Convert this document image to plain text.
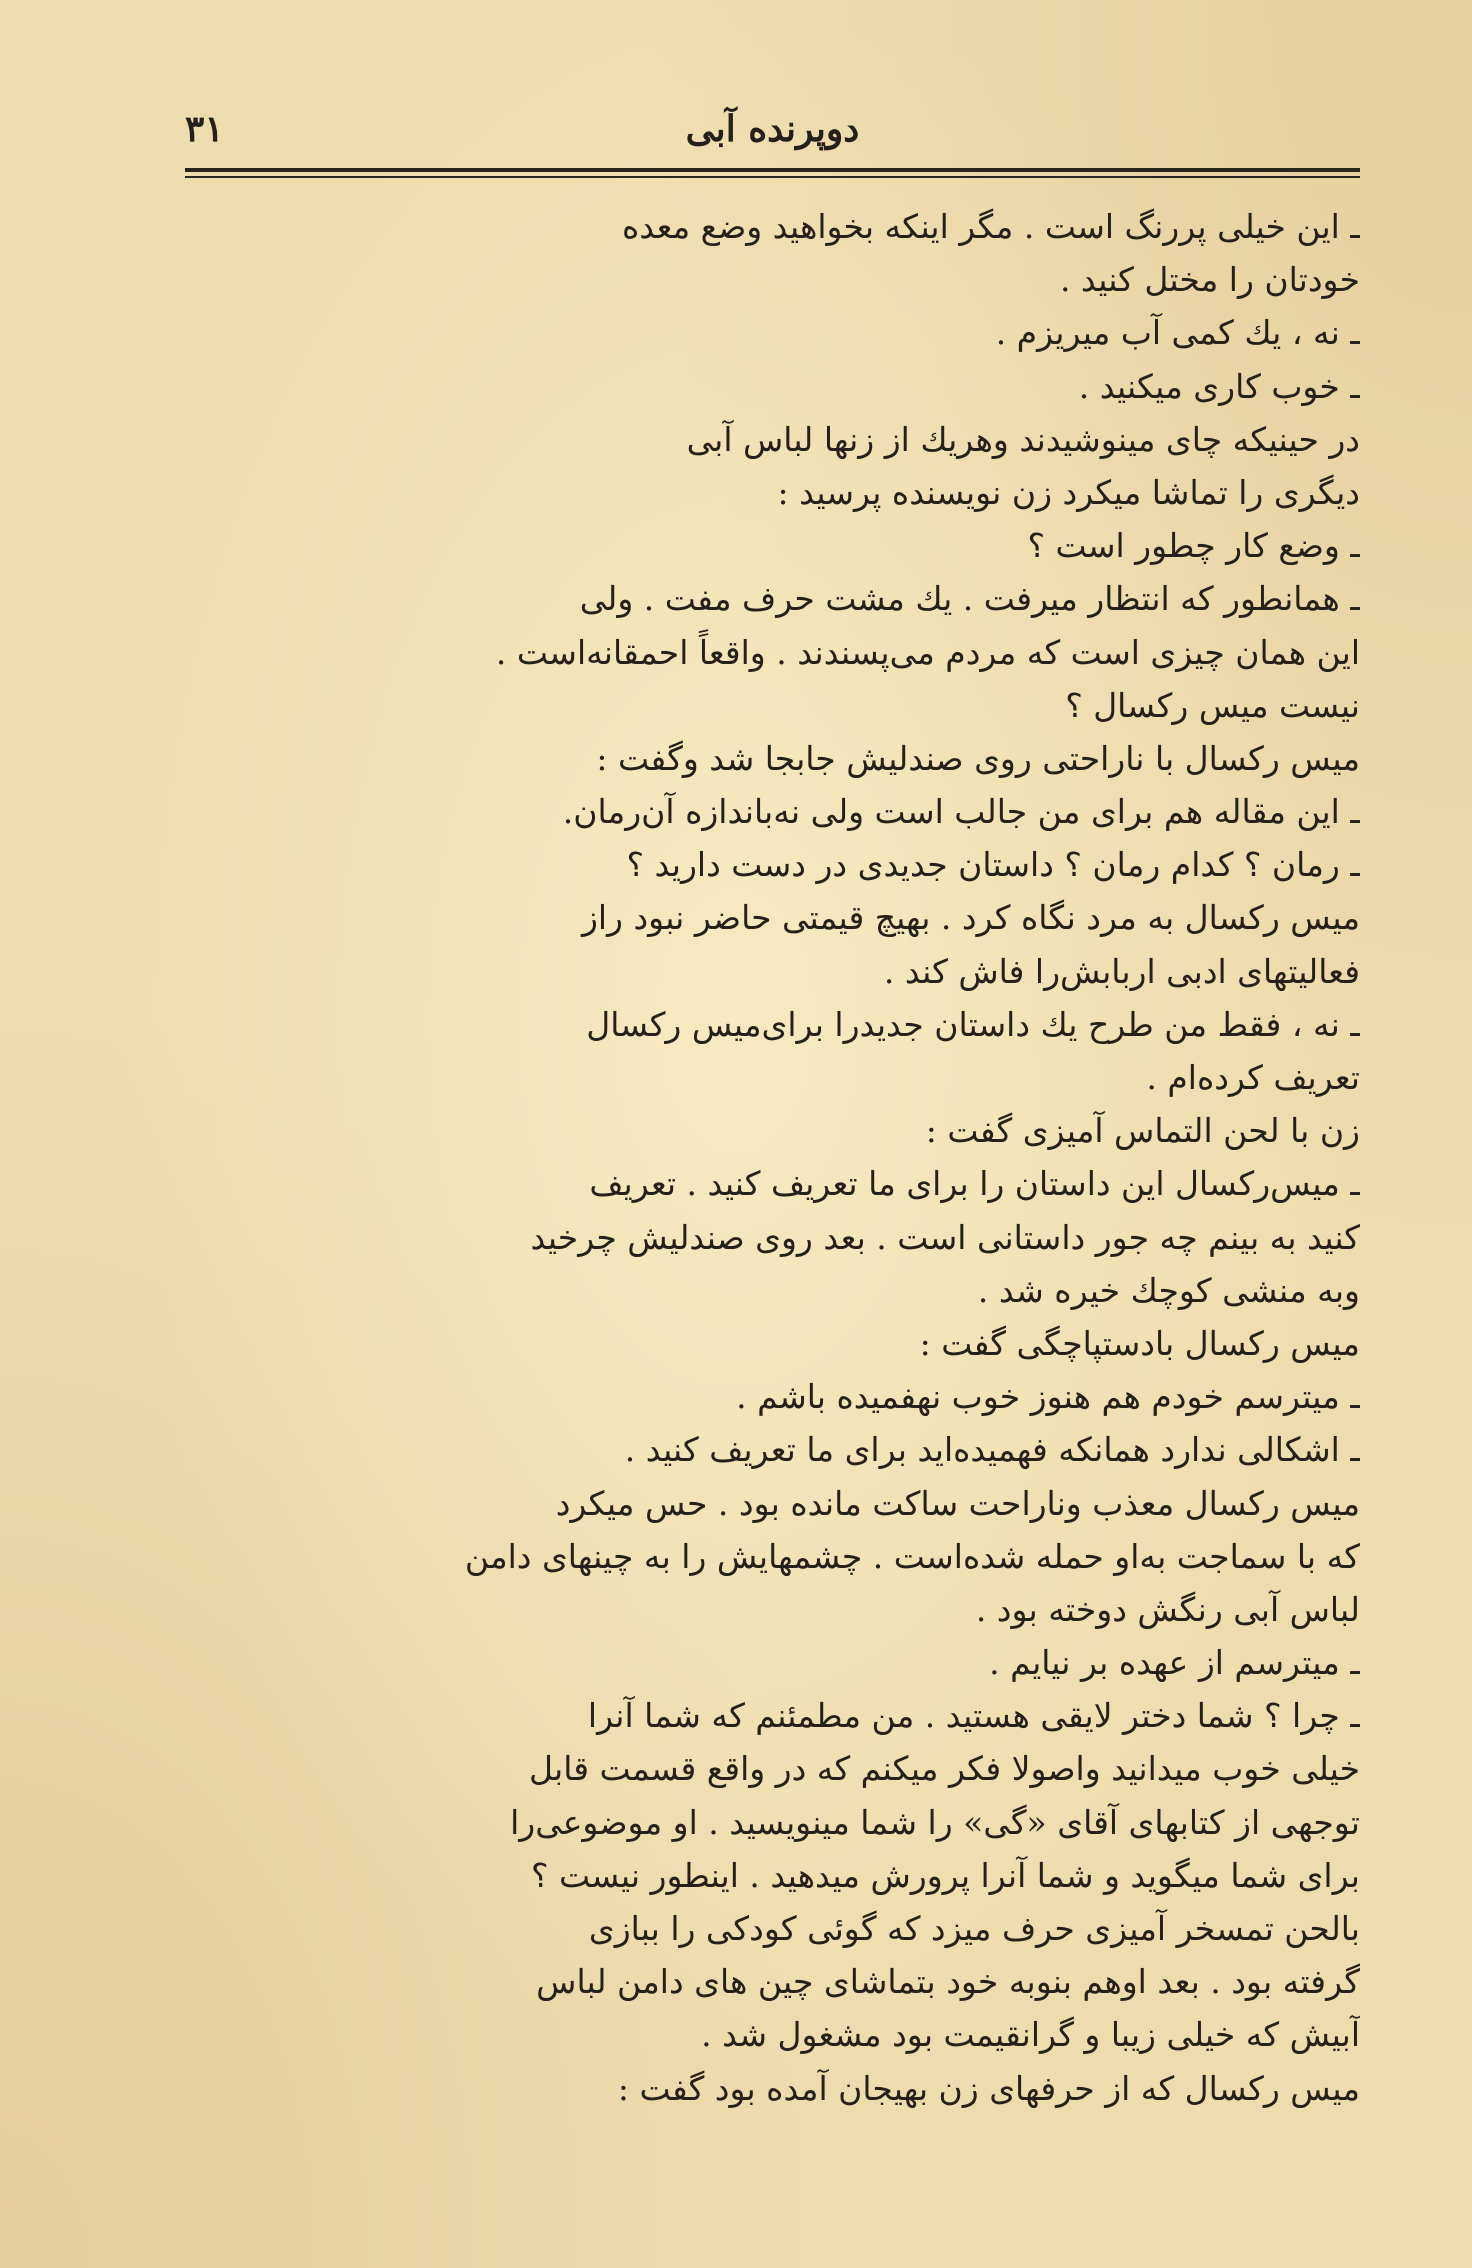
دوپرنده آبی
۳۱
ـ این خیلی پررنگ است . مگر اینکه بخواهید وضع معده
خودتان را مختل کنید .
ـ نه ، یك کمی آب میریزم .
ـ خوب کاری میکنید .
در حینیکه چای مینوشیدند وهریك از زنها لباس آبی
دیگری را تماشا میکرد زن نویسنده پرسید :
ـ وضع کار چطور است ؟
ـ همانطور که انتظار میرفت . یك مشت حرف مفت . ولی
این همان چیزی است که مردم می‌پسندند . واقعاً احمقانه‌است .
نیست میس رکسال ؟
میس رکسال با ناراحتی روی صندلیش جابجا شد وگفت :
ـ این مقاله هم برای من جالب است ولی نه‌باندازه آن‌رمان.
ـ رمان ؟ کدام رمان ؟ داستان جدیدی در دست دارید ؟
میس رکسال به مرد نگاه کرد . بهیچ قیمتی حاضر نبود راز
فعالیتهای ادبی اربابش‌را فاش کند .
ـ نه ، فقط من طرح یك داستان جدیدرا برای‌میس رکسال
تعریف کرده‌ام .
زن با لحن التماس آمیزی گفت :
ـ میس‌رکسال این داستان را برای ما تعریف کنید . تعریف
کنید به بینم چه جور داستانی است . بعد روی صندلیش چرخید
وبه منشی کوچك خیره شد .
میس رکسال بادستپاچگی گفت :
ـ میترسم خودم هم هنوز خوب نهفمیده باشم .
ـ اشکالی ندارد همانکه فهمیده‌اید برای ما تعریف کنید .
میس رکسال معذب وناراحت ساکت مانده بود . حس میکرد
که با سماجت به‌او حمله شده‌است . چشمهایش را به چینهای دامن
لباس آبی رنگش دوخته بود .
ـ میترسم از عهده بر نیایم .
ـ چرا ؟ شما دختر لایقی هستید . من مطمئنم که شما آنرا
خیلی خوب میدانید واصولا فکر میکنم که در واقع قسمت قابل
توجهی از کتابهای آقای «گی» را شما مینویسید . او موضوعی‌را
برای شما میگوید و شما آنرا پرورش میدهید . اینطور نیست ؟
بالحن تمسخر آمیزی حرف میزد که گوئی کودکی را ببازی
گرفته بود . بعد اوهم بنوبه خود بتماشای چین های دامن لباس
آبیش که خیلی زیبا و گرانقیمت بود مشغول شد .
میس رکسال که از حرفهای زن بهیجان آمده بود گفت :
